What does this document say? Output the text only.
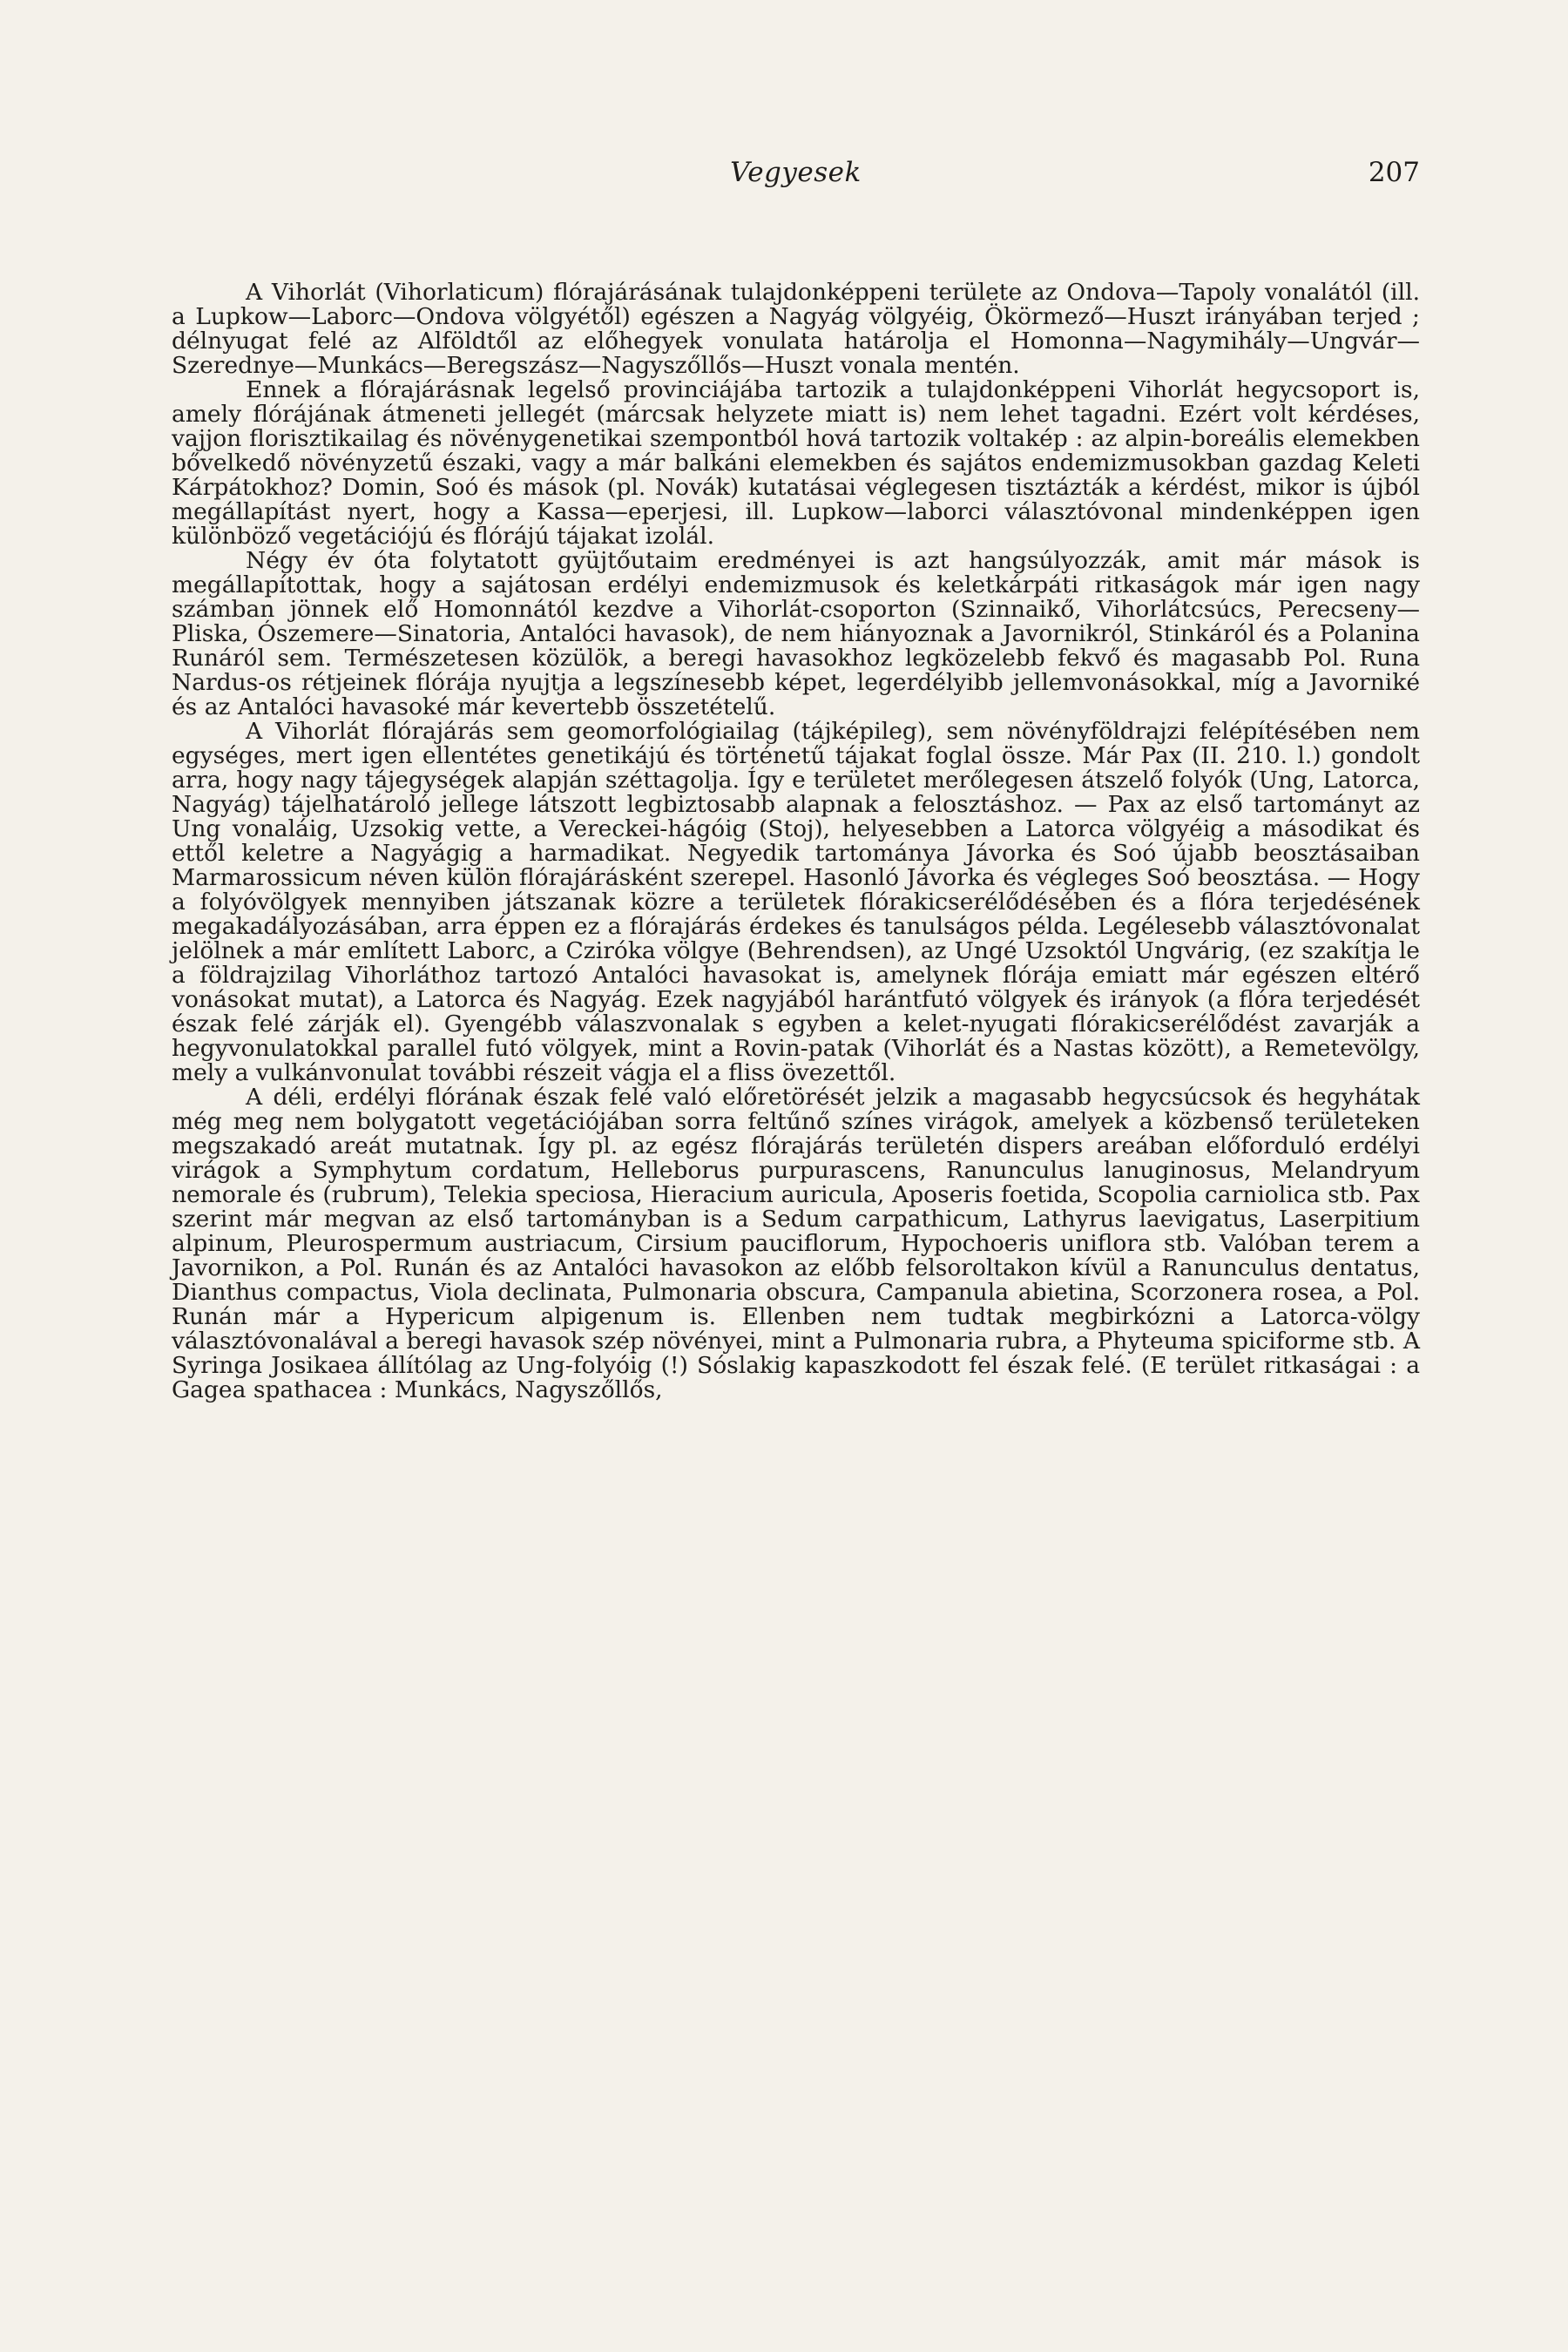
Vegyesek	207

A Vihorlát (Vihorlaticum) flórajárásának tulajdonképpeni területe az Ondova—Tapoly vonalától (ill. a Lupkow—Laborc—Ondova völgyétől) egészen a Nagyág völgyéig, Ökörmező—Huszt irányában terjed ; délnyugat felé az Alföldtől az előhegyek vonulata határolja el Homonna—Nagymihály—Ungvár—Szerednye—Munkács—Beregszász—Nagyszőllős—Huszt vonala mentén.

Ennek a flórajárásnak legelső provinciájába tartozik a tulajdonképpeni Vihorlát hegycsoport is, amely flórájának átmeneti jellegét (márcsak helyzete miatt is) nem lehet tagadni. Ezért volt kérdéses, vajjon florisztikailag és növénygenetikai szempontból hová tartozik voltakép : az alpin-boreális elemekben bővelkedő növényzetű északi, vagy a már balkáni elemekben és sajátos endemizmusokban gazdag Keleti Kárpátokhoz? Domin, Soó és mások (pl. Novák) kutatásai véglegesen tisztázták a kérdést, mikor is újból megállapítást nyert, hogy a Kassa—eperjesi, ill. Lupkow—laborci választóvonal mindenképpen igen különböző vegetációjú és flórájú tájakat izolál.

Négy év óta folytatott gyüjtőutaim eredményei is azt hangsúlyozzák, amit már mások is megállapítottak, hogy a sajátosan erdélyi endemizmusok és keletkárpáti ritkaságok már igen nagy számban jönnek elő Homonnától kezdve a Vihorlát-csoporton (Szinnaikő, Vihorlátcsúcs, Perecseny—Pliska, Ószemere—Sinatoria, Antalóci havasok), de nem hiányoznak a Javornikról, Stinkáról és a Polanina Runáról sem. Természetesen közülök, a beregi havasokhoz legközelebb fekvő és magasabb Pol. Runa Nardus-os rétjeinek flórája nyujtja a legszínesebb képet, legerdélyibb jellemvonásokkal, míg a Javorniké és az Antalóci havasoké már kevertebb összetételű.

A Vihorlát flórajárás sem geomorfológiailag (tájképileg), sem növényföldrajzi felépítésében nem egységes, mert igen ellentétes genetikájú és történetű tájakat foglal össze. Már Pax (II. 210. l.) gondolt arra, hogy nagy tájegységek alapján széttagolja. Így e területet merőlegesen átszelő folyók (Ung, Latorca, Nagyág) tájelhatároló jellege látszott legbiztosabb alapnak a felosztáshoz. — Pax az első tartományt az Ung vonaláig, Uzsokig vette, a Vereckei-hágóig (Stoj), helyesebben a Latorca völgyéig a másodikat és ettől keletre a Nagyágig a harmadikat. Negyedik tartománya Jávorka és Soó újabb beosztásaiban Marmarossicum néven külön flórajárásként szerepel. Hasonló Jávorka és végleges Soó beosztása. — Hogy a folyóvölgyek mennyiben játszanak közre a területek flórakicserélődésében és a flóra terjedésének megakadályozásában, arra éppen ez a flórajárás érdekes és tanulságos példa. Legélesebb választóvonalat jelölnek a már említett Laborc, a Cziróka völgye (Behrendsen), az Ungé Uzsoktól Ungvárig, (ez szakítja le a földrajzilag Vihorláthoz tartozó Antalóci havasokat is, amelynek flórája emiatt már egészen eltérő vonásokat mutat), a Latorca és Nagyág. Ezek nagyjából harántfutó völgyek és irányok (a flóra terjedését észak felé zárják el). Gyengébb válaszvonalak s egyben a kelet-nyugati flórakicserélődést zavarják a hegyvonulatokkal parallel futó völgyek, mint a Rovin-patak (Vihorlát és a Nastas között), a Remetevölgy, mely a vulkánvonulat további részeit vágja el a fliss övezettől.

A déli, erdélyi flórának észak felé való előretörését jelzik a magasabb hegycsúcsok és hegyhátak még meg nem bolygatott vegetációjában sorra feltűnő színes virágok, amelyek a közbenső területeken megszakadó areát mutatnak. Így pl. az egész flórajárás területén dispers areában előforduló erdélyi virágok a Symphytum cordatum, Helleborus purpurascens, Ranunculus lanuginosus, Melandryum nemorale és (rubrum), Telekia speciosa, Hieracium auricula, Aposeris foetida, Scopolia carniolica stb. Pax szerint már megvan az első tartományban is a Sedum carpathicum, Lathyrus laevigatus, Laserpitium alpinum, Pleurospermum austriacum, Cirsium pauciflorum, Hypochoeris uniflora stb. Valóban terem a Javornikon, a Pol. Runán és az Antalóci havasokon az előbb felsoroltakon kívül a Ranunculus dentatus, Dianthus compactus, Viola declinata, Pulmonaria obscura, Campanula abietina, Scorzonera rosea, a Pol. Runán már a Hypericum alpigenum is. Ellenben nem tudtak megbirkózni a Latorca-völgy választóvonalával a beregi havasok szép növényei, mint a Pulmonaria rubra, a Phyteuma spiciforme stb. A Syringa Josikaea állítólag az Ung-folyóig (!) Sóslakig kapaszkodott fel észak felé. (E terület ritkaságai : a Gagea spathacea : Munkács, Nagyszőllős,
